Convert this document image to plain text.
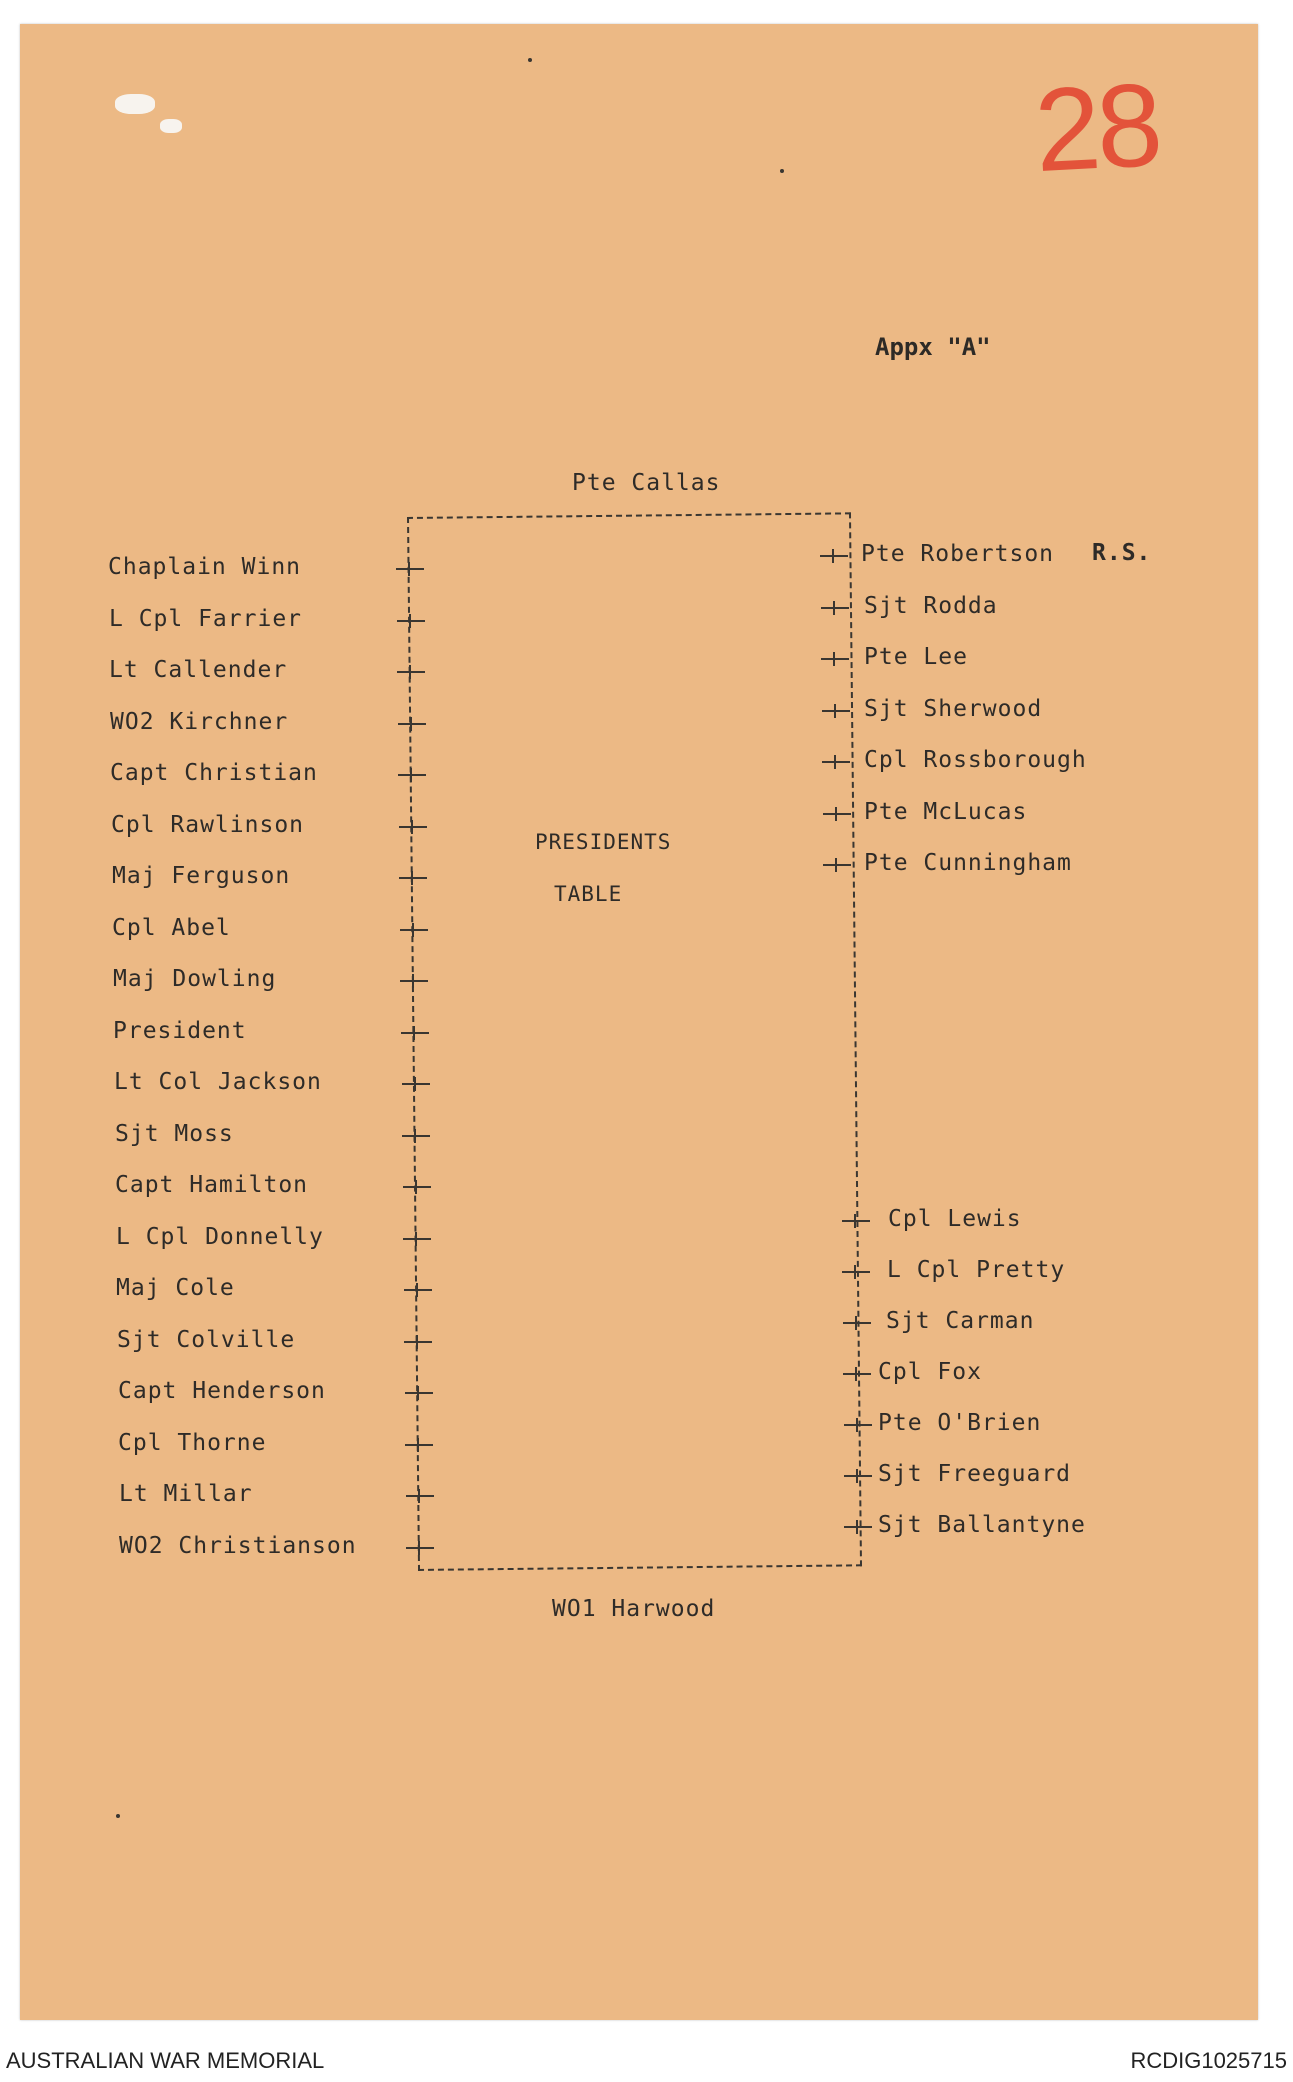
28
Appx "A"
Pte Callas
WO1 Harwood
PRESIDENTS
TABLE
Chaplain Winn
L Cpl Farrier
Lt Callender
WO2 Kirchner
Capt Christian
Cpl Rawlinson
Maj Ferguson
Cpl Abel
Maj Dowling
President
Lt Col Jackson
Sjt Moss
Capt Hamilton
L Cpl Donnelly
Maj Cole
Sjt Colville
Capt Henderson
Cpl Thorne
Lt Millar
WO2 Christianson
Pte Robertson
Sjt Rodda
Pte Lee
Sjt Sherwood
Cpl Rossborough
Pte McLucas
Pte Cunningham
R.S.
Cpl Lewis
L Cpl Pretty
Sjt Carman
Cpl Fox
Pte O'Brien
Sjt Freeguard
Sjt Ballantyne
AUSTRALIAN WAR MEMORIAL	RCDIG1025715
